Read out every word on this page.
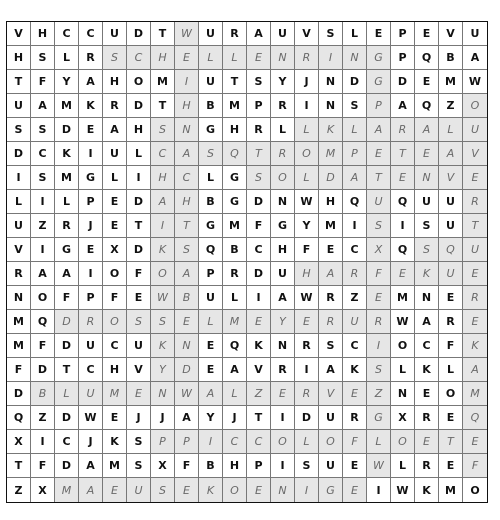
V	H	C	C	U	D	T	W	U	R	A	U	V	S	L	E	P	E	V	U
H	S	L	R	S	C	H	E	L	L	E	N	R	I	N	G	P	Q	B	A
T	F	Y	A	H	O	M	I	U	T	S	Y	J	N	D	G	D	E	M	W
U	A	M	K	R	D	T	H	B	M	P	R	I	N	S	P	A	Q	Z	O
S	S	D	E	A	H	S	N	G	H	R	L	L	K	L	A	R	A	L	U
D	C	K	I	U	L	C	A	S	Q	T	R	O	M	P	E	T	E	A	V
I	S	M	G	L	I	H	C	L	G	S	O	L	D	A	T	E	N	V	E
L	I	L	P	E	D	A	H	B	G	D	N	W	H	Q	U	Q	U	U	R
U	Z	R	J	E	T	I	T	G	M	F	G	Y	M	I	S	I	S	U	T
V	I	G	E	X	D	K	S	Q	B	C	H	F	E	C	X	Q	S	Q	U
R	A	A	I	O	F	O	A	P	R	D	U	H	A	R	F	E	K	U	E
N	O	F	P	F	E	W	B	U	L	I	A	W	R	Z	E	M	N	E	R
M	Q	D	R	O	S	S	E	L	M	E	Y	E	R	U	R	W	A	R	E
M	F	D	U	C	U	K	N	E	Q	K	N	R	S	C	I	O	C	F	K
F	D	T	C	H	V	Y	D	E	A	V	R	I	A	K	S	L	K	L	A
D	B	L	U	M	E	N	W	A	L	Z	E	R	V	E	Z	N	E	O	M
Q	Z	D	W	E	J	J	A	Y	J	T	I	D	U	R	G	X	R	E	Q
X	I	C	J	K	S	P	P	I	C	C	O	L	O	F	L	O	E	T	E
T	F	D	A	M	S	X	F	B	H	P	I	S	U	E	W	L	R	E	F
Z	X	M	A	E	U	S	E	K	O	E	N	I	G	E	I	W	K	M	O
